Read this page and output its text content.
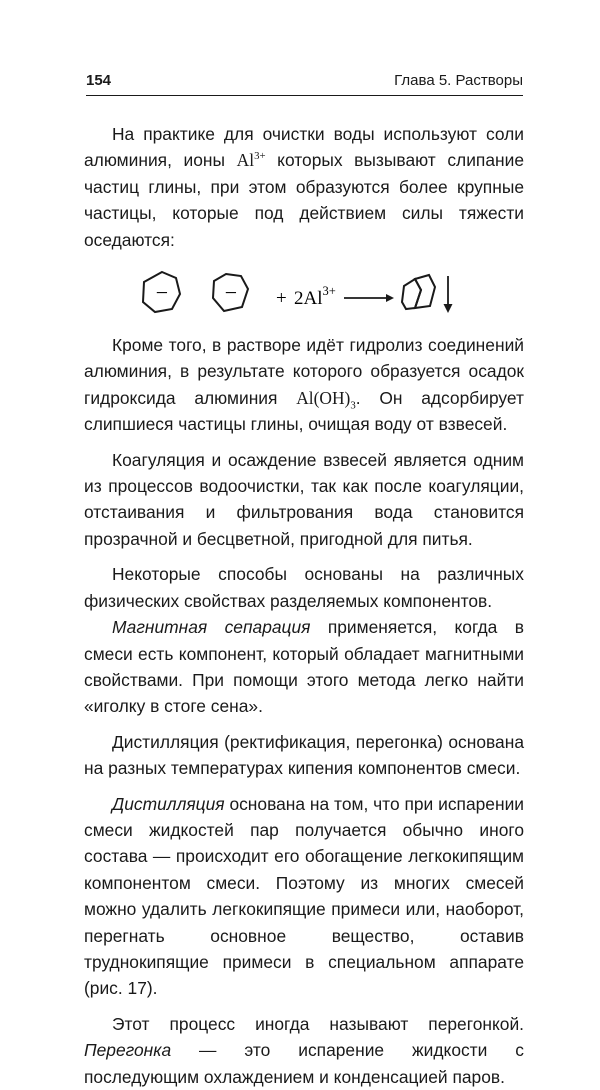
154	Глава 5. Растворы

На практике для очистки воды используют соли алюминия, ионы $Al^{3+}$ которых вызывают слипание частиц глины, при этом образуются более крупные частицы, которые под действием силы тяжести оседаются:

−	− + $2Al^{3+}$

Кроме того, в растворе идёт гидролиз соединений алюминия, в результате которого образуется осадок гидроксида алюминия $Al(OH)_3$. Он адсорбирует слипшиеся частицы глины, очищая воду от взвесей.

Коагуляция и осаждение взвесей является одним из процессов водоочистки, так как после коагуляции, отстаивания и фильтрования вода становится прозрачной и бесцветной, пригодной для питья.

Некоторые способы основаны на различных физических свойствах разделяемых компонентов.

Магнитная сепарация применяется, когда в смеси есть компонент, который обладает магнитными свойствами. При помощи этого метода легко найти «иголку в стоге сена».

Дистилляция (ректификация, перегонка) основана на разных температурах кипения компонентов смеси.

Дистилляция основана на том, что при испарении смеси жидкостей пар получается обычно иного состава — происходит его обогащение легкокипящим компонентом смеси. Поэтому из многих смесей можно удалить легкокипящие примеси или, наоборот, перегнать основное вещество, оставив труднокипящие примеси в специальном аппарате (рис. 17).

Этот процесс иногда называют перегонкой. Перегонка — это испарение жидкости с последующим охлаждением и конденсацией паров.
